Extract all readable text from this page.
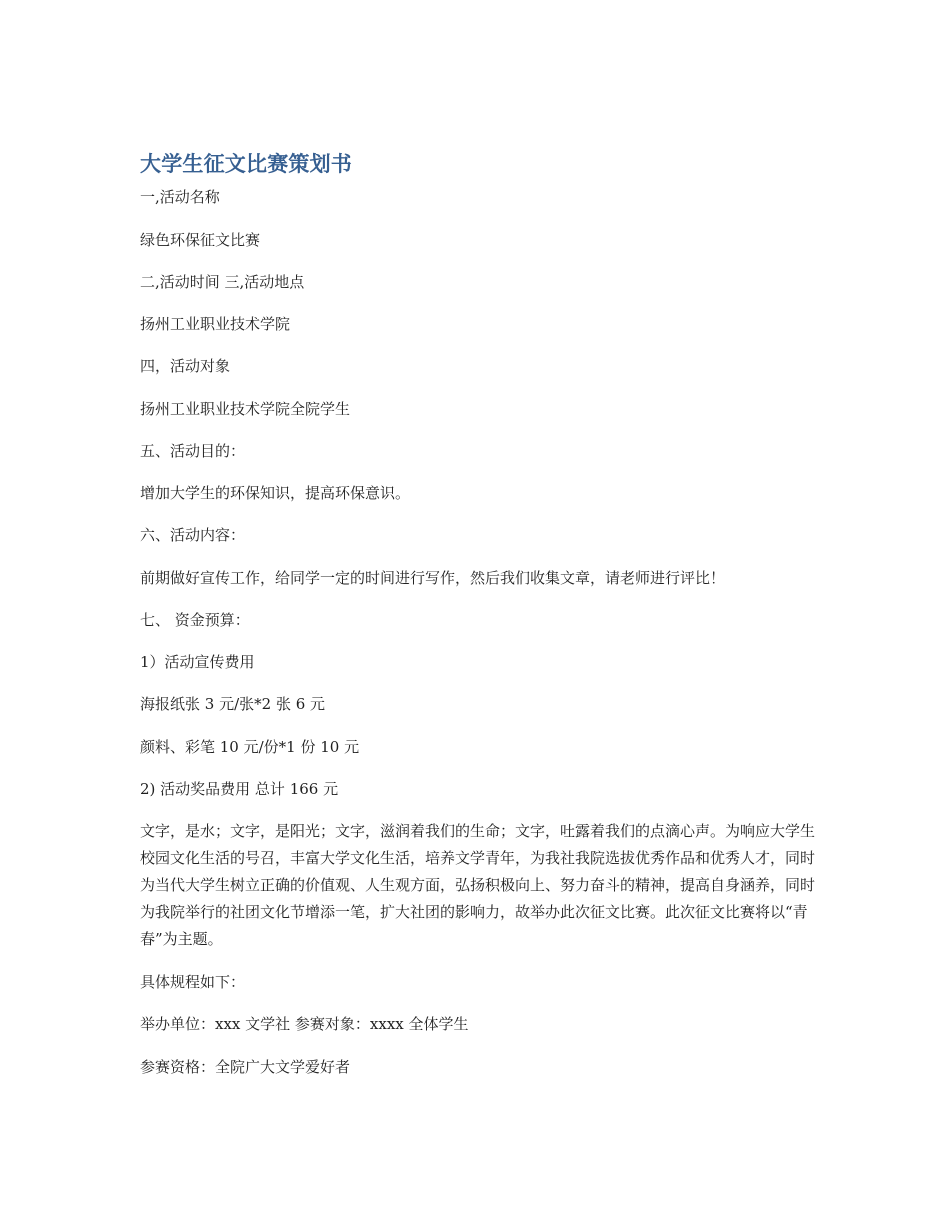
大学生征文比赛策划书
一,活动名称
绿色环保征文比赛
二,活动时间 三,活动地点
扬州工业职业技术学院
四，活动对象
扬州工业职业技术学院全院学生
五、活动目的：
增加大学生的环保知识，提高环保意识。
六、活动内容：
前期做好宣传工作，给同学一定的时间进行写作，然后我们收集文章，请老师进行评比！
七、 资金预算：
1）活动宣传费用
海报纸张 3 元/张*2 张 6 元
颜料、彩笔 10 元/份*1 份 10 元
2) 活动奖品费用 总计 166 元
文字，是水；文字，是阳光；文字，滋润着我们的生命；文字，吐露着我们的点滴心声。为响应大学生校园文化生活的号召，丰富大学文化生活，培养文学青年，为我社我院选拔优秀作品和优秀人才，同时为当代大学生树立正确的价值观、人生观方面，弘扬积极向上、努力奋斗的精神，提高自身涵养，同时为我院举行的社团文化节增添一笔，扩大社团的影响力，故举办此次征文比赛。此次征文比赛将以“青春”为主题。
具体规程如下：
举办单位：xxx 文学社 参赛对象：xxxx 全体学生
参赛资格：全院广大文学爱好者
